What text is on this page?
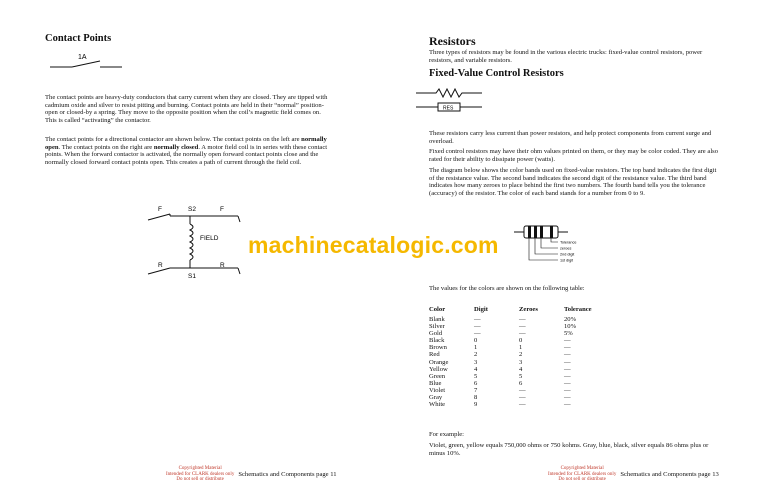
Contact Points
1A

The contact points are heavy-duty conductors that carry current when they are closed. They are tipped with cadmium oxide and silver to resist pitting and burning. Contact points are held in their “normal” position-open or closed-by a spring. They move to the opposite position when the coil’s magnetic field comes on. This is called “activating” the contactor.

The contact points for a directional contactor are shown below. The contact points on the left are normally open. The contact points on the right are normally closed. A motor field coil is in series with these contact points. When the forward contactor is activated, the normally open forward contact points close and the normally closed forward contact points open. This creates a path of current through the field coil.

F	S2	F
FIELD
R	R
S1
Copyrighted Material
Intended for CLARK dealers only
Do not sell or distributeSchematics and Components page 11
Resistors

Three types of resistors may be found in the various electric trucks: fixed-value control resistors, power resistors, and variable resistors.

Fixed-Value Control Resistors
RES

These resistors carry less current than power resistors, and help protect components from current surge and overload.

Fixed control resistors may have their ohm values printed on them, or they may be color coded. They are also rated for their ability to dissipate power (watts).

The diagram below shows the color bands used on fixed-value resistors. The top band indicates the first digit of the resistance value. The second band indicates the second digit of the resistance value. The third band indicates how many zeroes to place behind the first two numbers. The fourth band tells you the tolerance (accuracy) of the resistor. The color of each band stands for a number from 0 to 9.

Tolerance
zeroes
2nd digit
1st digit

The values for the colors are shown on the following table:

Color	Digit	Zeroes	Tolerance
Blank	—	—	20%
Silver	—	—	10%
Gold	—	—	5%
Black	0	0	—
Brown	1	1	—
Red	2	2	—
Orange	3	3	—
Yellow	4	4	—
Green	5	5	—
Blue	6	6	—
Violet	7	—	—
Gray	8	—	—
White	9	—	—

For example:

Violet, green, yellow equals 750,000 ohms or 750 kohms. Gray, blue, black, silver equals 86 ohms plus or minus 10%.

Copyrighted Material
Intended for CLARK dealers only
Do not sell or distributeSchematics and Components page 13
machinecatalogic.com
